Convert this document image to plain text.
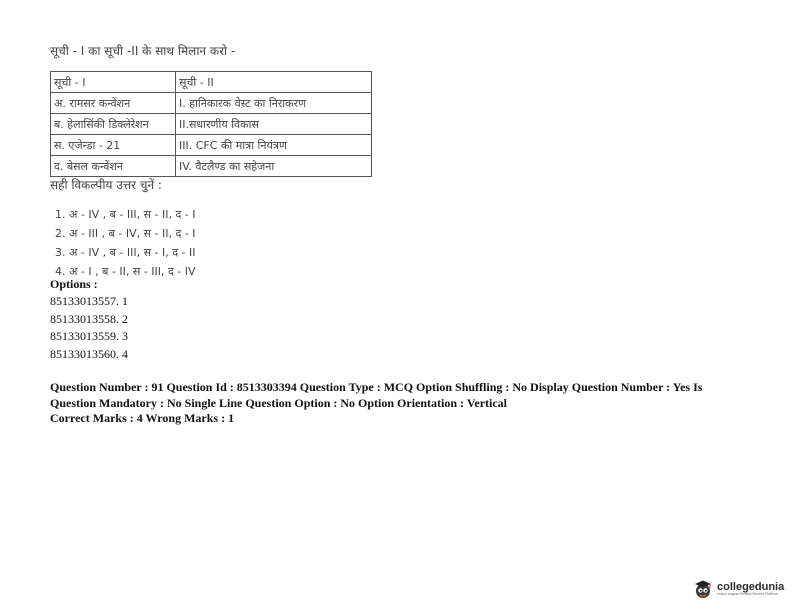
सूची - I का सूची -II के साथ मिलान करो -
सूची - I	सूची - II
अ. रामसर कन्वेंशन	I. हानिकारक वेस्ट का निराकरण
ब. हेलासिंकी डिक्लेरेशन	II.सधारणीय विकास
स. एजेन्डा - 21	III. CFC की मात्रा नियंत्रण
द. बेसल कन्वेंशन	IV. वैटलैण्ड का सहेजना
सही विकल्पीय उत्तर चुनें :
1. अ - IV , ब - III, स - II, द - I
2. अ - III , ब - IV, स - II, द - I
3. अ - IV , ब - III, स - I, द - II
4. अ - I , ब - II, स - III, द - IV
Options :
85133013557. 1
85133013558. 2
85133013559. 3
85133013560. 4
Question Number : 91 Question Id : 8513303394 Question Type : MCQ Option Shuffling : No Display Question Number : Yes Is
Question Mandatory : No Single Line Question Option : No Option Orientation : Vertical
Correct Marks : 4 Wrong Marks : 1
collegedunia
India's largest Student Review Platform
